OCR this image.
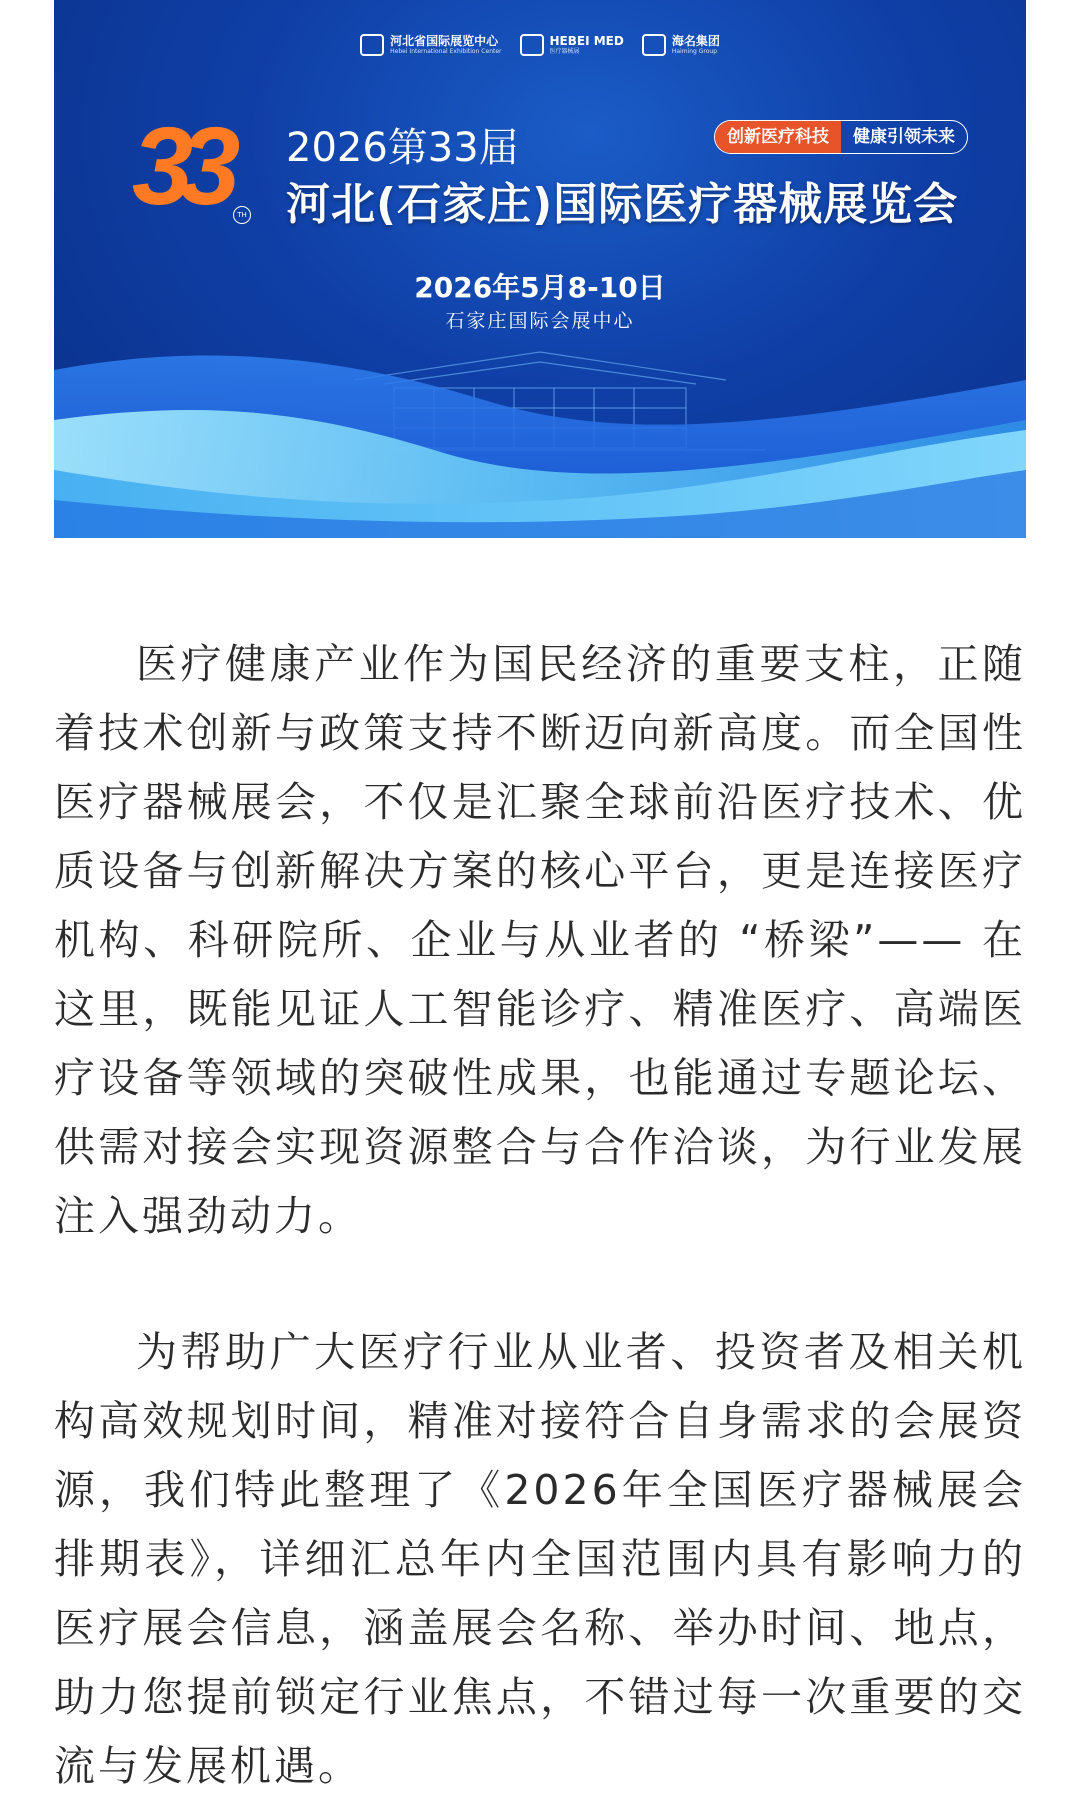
河北省国际展览中心
Hebei International Exhibition Center
HEBEI MED
医疗器械展
海名集团
Haiming Group
33	TH
2026第33届	创新医疗科技	健康引领未来
河北(石家庄)国际医疗器械展览会
2026年5月8-10日
石家庄国际会展中心

医疗健康产业作为国民经济的重要支柱，正随着技术创新与政策支持不断迈向新高度。而全国性医疗器械展会，不仅是汇聚全球前沿医疗技术、优质设备与创新解决方案的核心平台，更是连接医疗机构、科研院所、企业与从业者的 “桥梁”—— 在这里，既能见证人工智能诊疗、精准医疗、高端医疗设备等领域的突破性成果，也能通过专题论坛、供需对接会实现资源整合与合作洽谈，为行业发展注入强劲动力。

为帮助广大医疗行业从业者、投资者及相关机构高效规划时间，精准对接符合自身需求的会展资源，我们特此整理了《2026年全国医疗器械展会排期表》，详细汇总年内全国范围内具有影响力的医疗展会信息，涵盖展会名称、举办时间、地点，助力您提前锁定行业焦点，不错过每一次重要的交流与发展机遇。
